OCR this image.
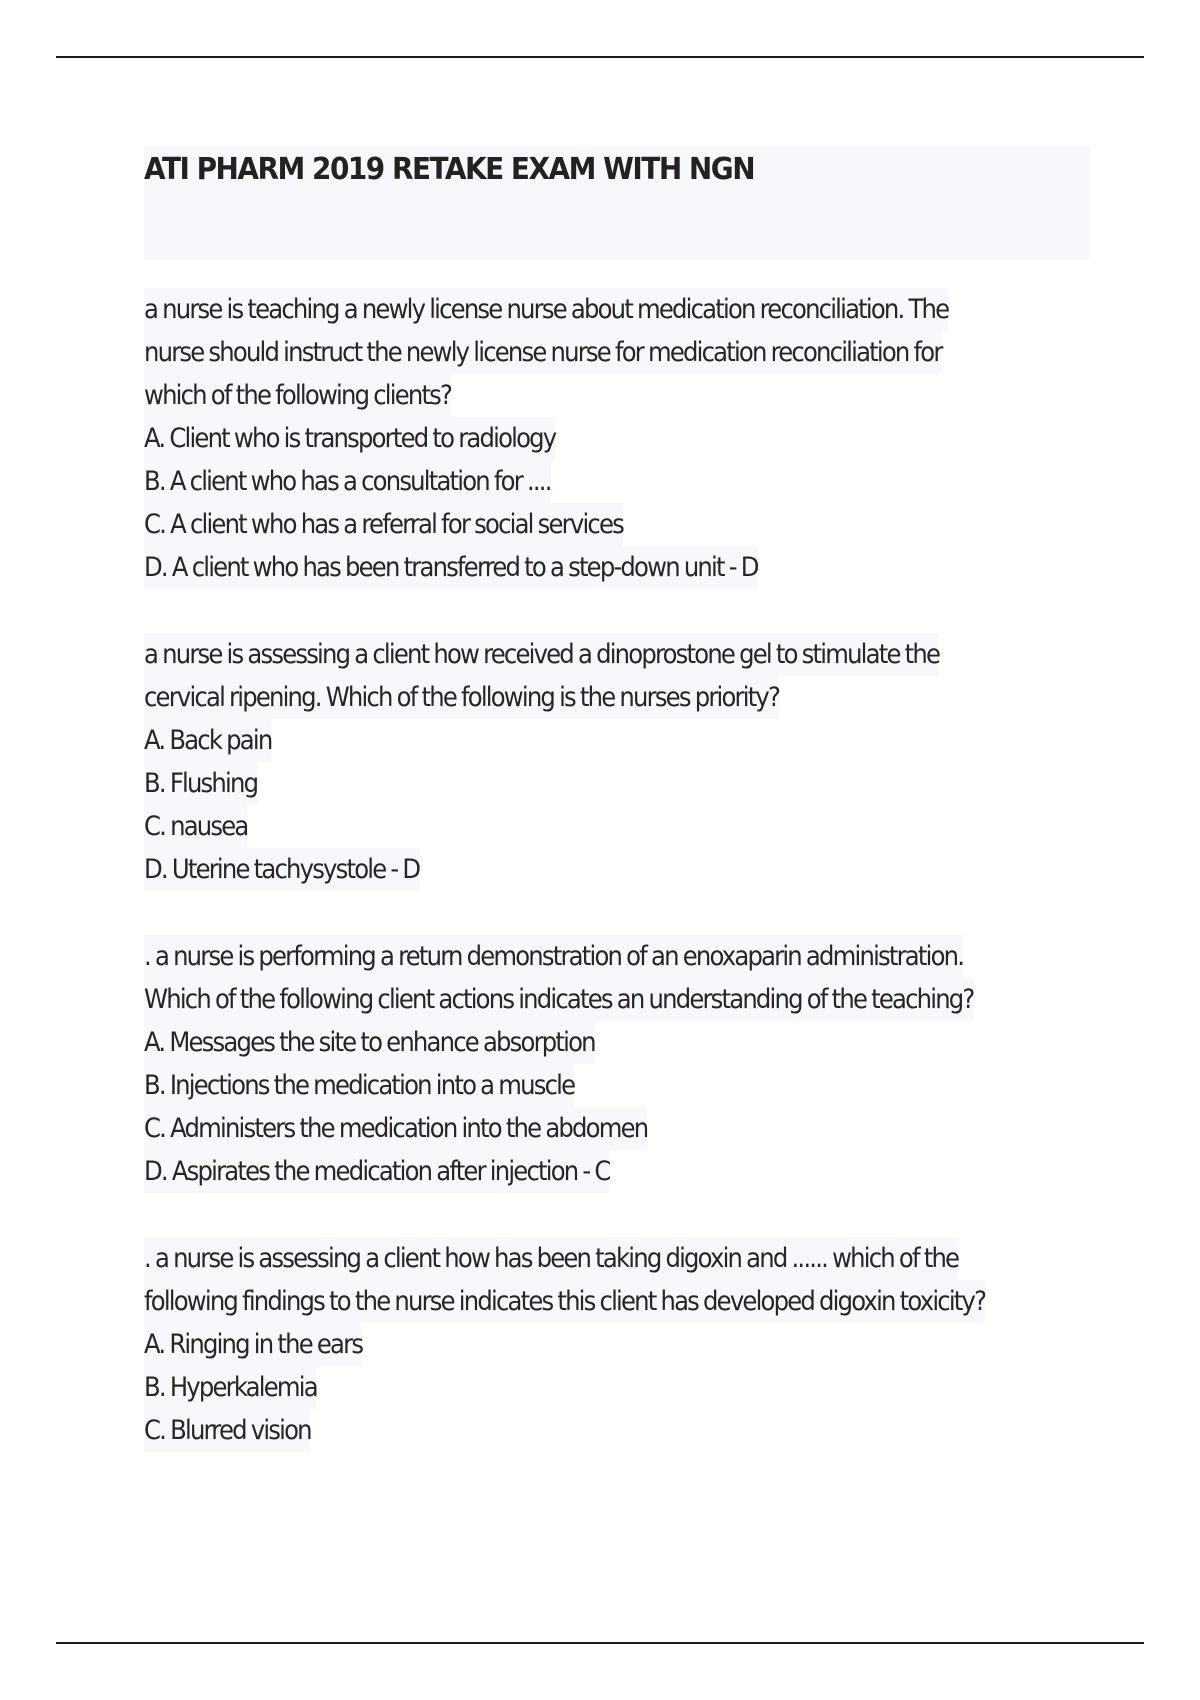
ATI PHARM 2019 RETAKE EXAM WITH NGN
a nurse is teaching a newly license nurse about medication reconciliation. The
nurse should instruct the newly license nurse for medication reconciliation for
which of the following clients?
A. Client who is transported to radiology
B. A client who has a consultation for ....
C. A client who has a referral for social services
D. A client who has been transferred to a step-down unit - D
a nurse is assessing a client how received a dinoprostone gel to stimulate the
cervical ripening. Which of the following is the nurses priority?
A. Back pain
B. Flushing
C. nausea
D. Uterine tachysystole - D
. a nurse is performing a return demonstration of an enoxaparin administration.
Which of the following client actions indicates an understanding of the teaching?
A. Messages the site to enhance absorption
B. Injections the medication into a muscle
C. Administers the medication into the abdomen
D. Aspirates the medication after injection - C
. a nurse is assessing a client how has been taking digoxin and ...... which of the
following findings to the nurse indicates this client has developed digoxin toxicity?
A. Ringing in the ears
B. Hyperkalemia
C. Blurred vision
